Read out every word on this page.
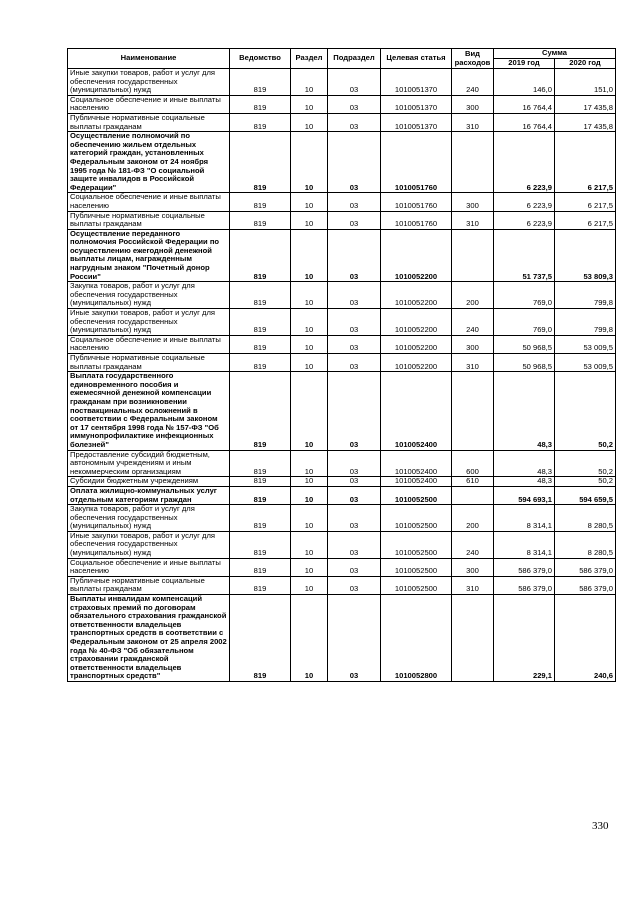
Наименование	Ведомство	Раздел	Подраздел	Целевая статья	Вид расходов	Сумма	
						2019 год	2020 год
Иные закупки товаров, работ и услуг для обеспечения государственных (муниципальных) нужд	819	10	03	1010051370	240	146,0	151,0
Социальное обеспечение и иные выплаты населению	819	10	03	1010051370	300	16 764,4	17 435,8
Публичные нормативные социальные выплаты гражданам	819	10	03	1010051370	310	16 764,4	17 435,8
Осуществление полномочий по обеспечению жильем отдельных категорий граждан, установленных Федеральным законом от 24 ноября 1995 года № 181-ФЗ "О социальной защите инвалидов в Российской Федерации"	819	10	03	1010051760		6 223,9	6 217,5
Социальное обеспечение и иные выплаты населению	819	10	03	1010051760	300	6 223,9	6 217,5
Публичные нормативные социальные выплаты гражданам	819	10	03	1010051760	310	6 223,9	6 217,5
Осуществление переданного полномочия Российской Федерации по осуществлению ежегодной денежной выплаты лицам, награжденным нагрудным знаком "Почетный донор России"	819	10	03	1010052200		51 737,5	53 809,3
Закупка товаров, работ и услуг для обеспечения государственных (муниципальных) нужд	819	10	03	1010052200	200	769,0	799,8
Иные закупки товаров, работ и услуг для обеспечения государственных (муниципальных) нужд	819	10	03	1010052200	240	769,0	799,8
Социальное обеспечение и иные выплаты населению	819	10	03	1010052200	300	50 968,5	53 009,5
Публичные нормативные социальные выплаты гражданам	819	10	03	1010052200	310	50 968,5	53 009,5
Выплата государственного единовременного пособия и ежемесячной денежной компенсации гражданам при возникновении поствакцинальных осложнений в соответствии с Федеральным законом от 17 сентября 1998 года № 157-ФЗ "Об иммунопрофилактике инфекционных болезней"	819	10	03	1010052400		48,3	50,2
Предоставление субсидий бюджетным, автономным учреждениям и иным некоммерческим организациям	819	10	03	1010052400	600	48,3	50,2
Субсидии бюджетным учреждениям	819	10	03	1010052400	610	48,3	50,2
Оплата жилищно-коммунальных услуг отдельным категориям граждан	819	10	03	1010052500		594 693,1	594 659,5
Закупка товаров, работ и услуг для обеспечения государственных (муниципальных) нужд	819	10	03	1010052500	200	8 314,1	8 280,5
Иные закупки товаров, работ и услуг для обеспечения государственных (муниципальных) нужд	819	10	03	1010052500	240	8 314,1	8 280,5
Социальное обеспечение и иные выплаты населению	819	10	03	1010052500	300	586 379,0	586 379,0
Публичные нормативные социальные выплаты гражданам	819	10	03	1010052500	310	586 379,0	586 379,0
Выплаты инвалидам компенсаций страховых премий по договорам обязательного страхования гражданской ответственности владельцев транспортных средств в соответствии с Федеральным законом от 25 апреля 2002 года № 40-ФЗ "Об обязательном страховании гражданской ответственности владельцев транспортных средств"	819	10	03	1010052800		229,1	240,6
330
